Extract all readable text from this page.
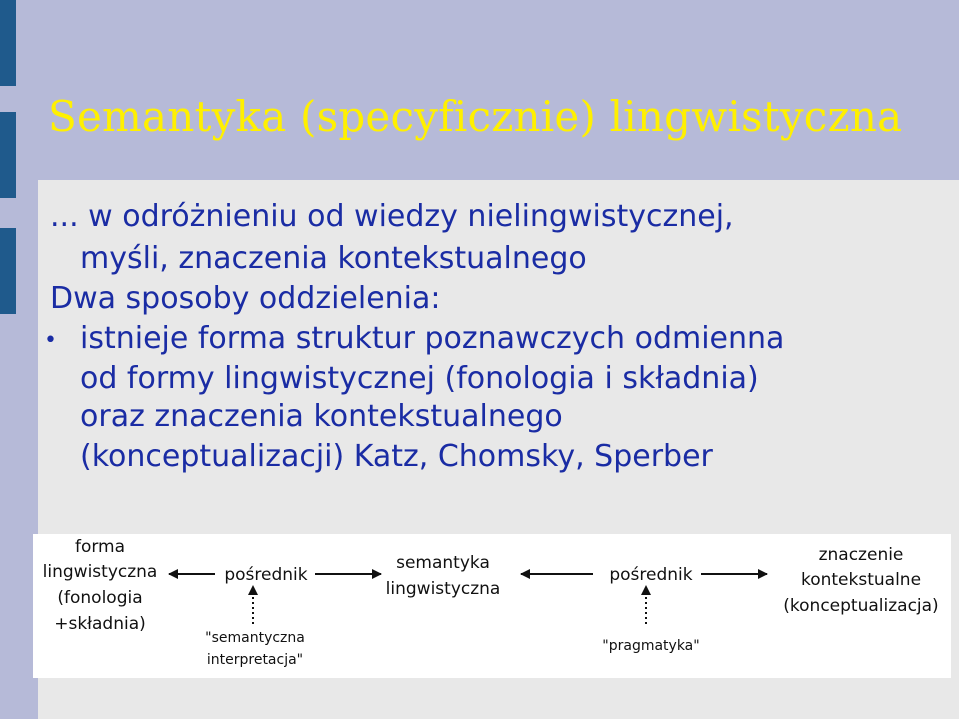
Semantyka (specyficznie) lingwistyczna
... w odróżnieniu od wiedzy nielingwistycznej,
myśli, znaczenia kontekstualnego
Dwa sposoby oddzielenia:
• istnieje forma struktur poznawczych odmienna
od formy lingwistycznej (fonologia i składnia)
oraz znaczenia kontekstualnego
(konceptualizacji) Katz, Chomsky, Sperber
forma
lingwistyczna
(fonologia
+składnia)
pośrednik
"semantyczna
interpretacja"
semantyka
lingwistyczna
pośrednik
"pragmatyka"
znaczenie
kontekstualne
(konceptualizacja)
